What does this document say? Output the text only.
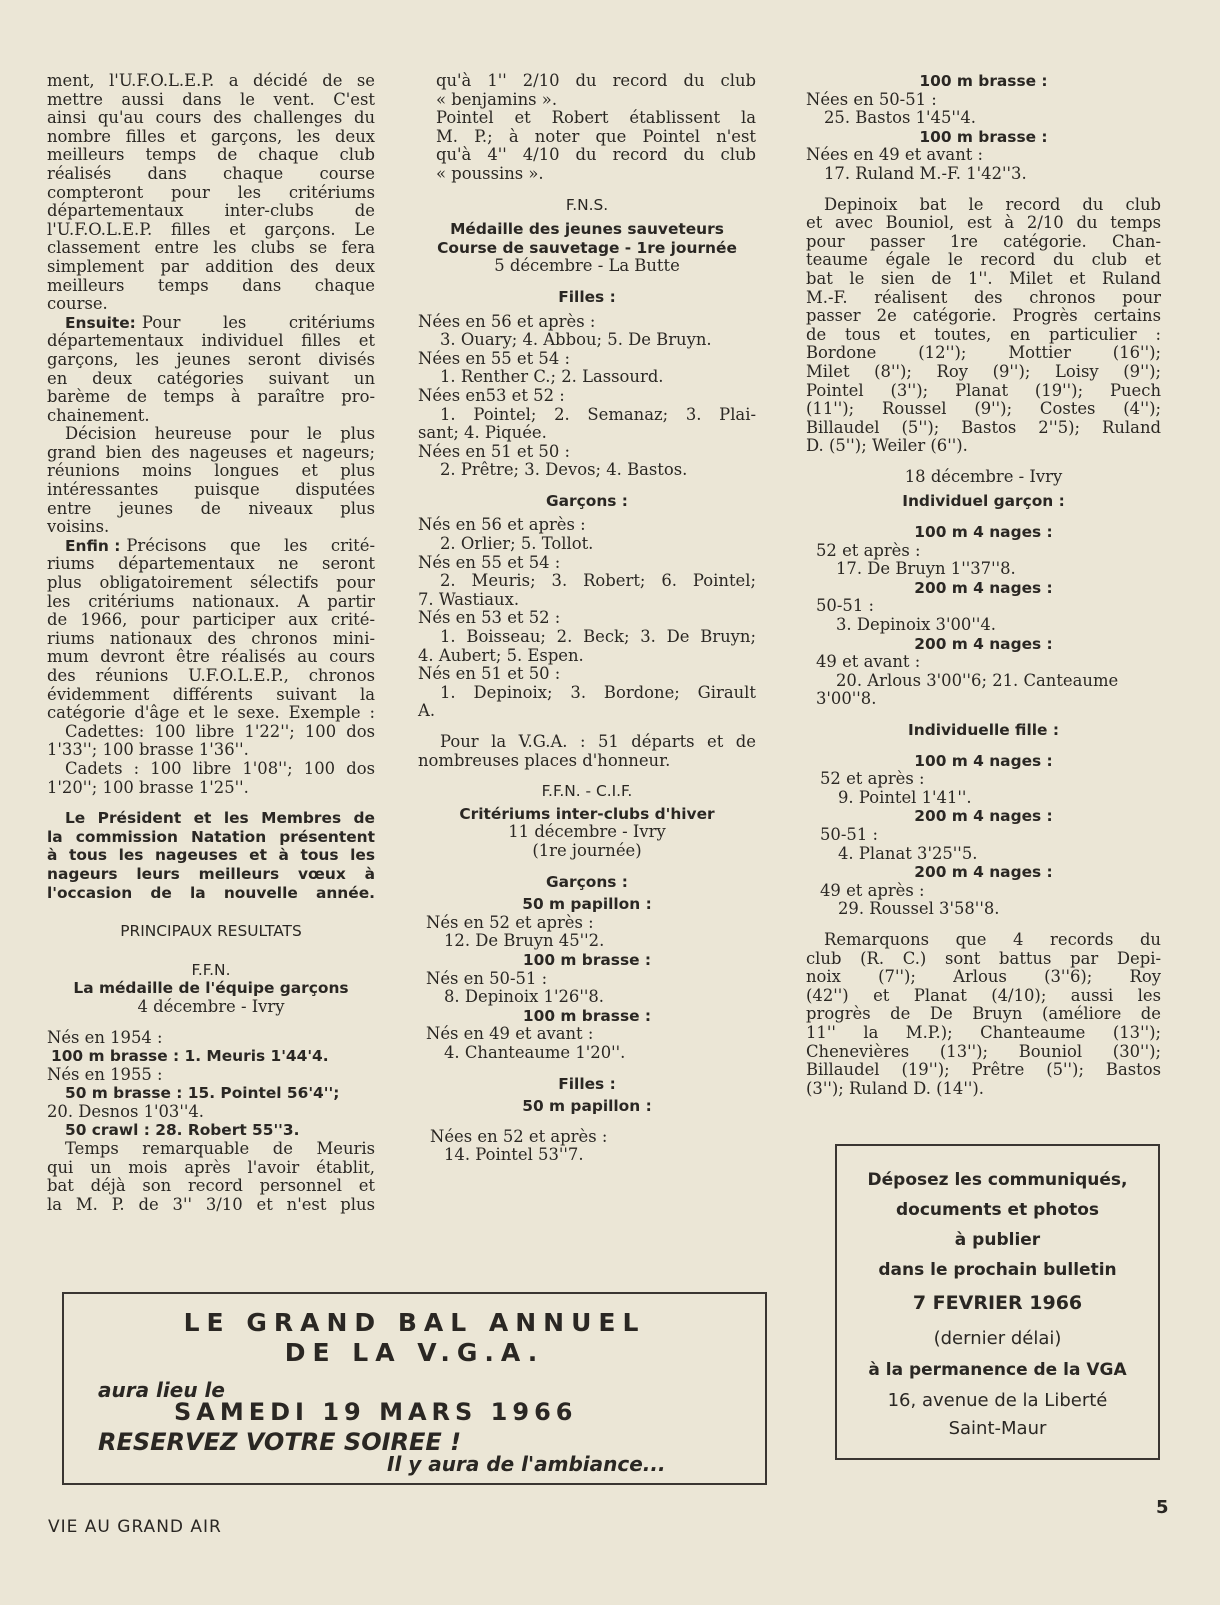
ment, l'U.F.O.L.E.P. a décidé de se
mettre aussi dans le vent. C'est
ainsi qu'au cours des challenges du
nombre filles et garçons, les deux
meilleurs temps de chaque club
réalisés dans chaque course
compteront pour les critériums
départementaux inter-clubs de
l'U.F.O.L.E.P. filles et garçons. Le
classement entre les clubs se fera
simplement par addition des deux
meilleurs temps dans chaque
course.
Ensuite: Pour les critériums
départementaux individuel filles et
garçons, les jeunes seront divisés
en deux catégories suivant un
barème de temps à paraître pro-
chainement.
Décision heureuse pour le plus
grand bien des nageuses et nageurs;
réunions moins longues et plus
intéressantes puisque disputées
entre jeunes de niveaux plus
voisins.
Enfin : Précisons que les crité-
riums départementaux ne seront
plus obligatoirement sélectifs pour
les critériums nationaux. A partir
de 1966, pour participer aux crité-
riums nationaux des chronos mini-
mum devront être réalisés au cours
des réunions U.F.O.L.E.P., chronos
évidemment différents suivant la
catégorie d'âge et le sexe. Exemple :
Cadettes: 100 libre 1'22''; 100 dos
1'33''; 100 brasse 1'36''.
Cadets : 100 libre 1'08''; 100 dos
1'20''; 100 brasse 1'25''.
Le Président et les Membres de
la commission Natation présentent
à tous les nageuses et à tous les
nageurs leurs meilleurs vœux à
l'occasion de la nouvelle année.
PRINCIPAUX RESULTATS
F.F.N.
La médaille de l'équipe garçons
4 décembre - Ivry
Nés en 1954 :
100 m brasse : 1. Meuris 1'44'4.
Nés en 1955 :
50 m brasse : 15. Pointel 56'4'';
20. Desnos 1'03''4.
50 crawl : 28. Robert 55''3.
Temps remarquable de Meuris
qui un mois après l'avoir établit,
bat déjà son record personnel et
la M. P. de 3'' 3/10 et n'est plus
qu'à 1'' 2/10 du record du club
« benjamins ».
Pointel et Robert établissent la
M. P.; à noter que Pointel n'est
qu'à 4'' 4/10 du record du club
« poussins ».
F.N.S.
Médaille des jeunes sauveteurs
Course de sauvetage - 1re journée
5 décembre - La Butte
Filles :
Nées en 56 et après :
3. Ouary; 4. Abbou; 5. De Bruyn.
Nées en 55 et 54 :
1. Renther C.; 2. Lassourd.
Nées en53 et 52 :
1. Pointel; 2. Semanaz; 3. Plai-
sant; 4. Piquée.
Nées en 51 et 50 :
2. Prêtre; 3. Devos; 4. Bastos.
Garçons :
Nés en 56 et après :
2. Orlier; 5. Tollot.
Nés en 55 et 54 :
2. Meuris; 3. Robert; 6. Pointel;
7. Wastiaux.
Nés en 53 et 52 :
1. Boisseau; 2. Beck; 3. De Bruyn;
4. Aubert; 5. Espen.
Nés en 51 et 50 :
1. Depinoix; 3. Bordone; Girault
A.
Pour la V.G.A. : 51 départs et de
nombreuses places d'honneur.
F.F.N. - C.I.F.
Critériums inter-clubs d'hiver
11 décembre - Ivry
(1re journée)
Garçons :
50 m papillon :
Nés en 52 et après :
12. De Bruyn 45''2.
100 m brasse :
Nés en 50-51 :
8. Depinoix 1'26''8.
100 m brasse :
Nés en 49 et avant :
4. Chanteaume 1'20''.
Filles :
50 m papillon :
Nées en 52 et après :
14. Pointel 53''7.
100 m brasse :
Nées en 50-51 :
25. Bastos 1'45''4.
100 m brasse :
Nées en 49 et avant :
17. Ruland M.-F. 1'42''3.
Depinoix bat le record du club
et avec Bouniol, est à 2/10 du temps
pour passer 1re catégorie. Chan-
teaume égale le record du club et
bat le sien de 1''. Milet et Ruland
M.-F. réalisent des chronos pour
passer 2e catégorie. Progrès certains
de tous et toutes, en particulier :
Bordone (12''); Mottier (16'');
Milet (8''); Roy (9''); Loisy (9'');
Pointel (3''); Planat (19''); Puech
(11''); Roussel (9''); Costes (4'');
Billaudel (5''); Bastos 2''5); Ruland
D. (5''); Weiler (6'').
18 décembre - Ivry
Individuel garçon :
100 m 4 nages :
52 et après :
17. De Bruyn 1''37''8.
200 m 4 nages :
50-51 :
3. Depinoix 3'00''4.
200 m 4 nages :
49 et avant :
20. Arlous 3'00''6; 21. Canteaume
3'00''8.
Individuelle fille :
100 m 4 nages :
52 et après :
9. Pointel 1'41''.
200 m 4 nages :
50-51 :
4. Planat 3'25''5.
200 m 4 nages :
49 et après :
29. Roussel 3'58''8.
Remarquons que 4 records du
club (R. C.) sont battus par Depi-
noix (7''); Arlous (3''6); Roy
(42'') et Planat (4/10); aussi les
progrès de De Bruyn (améliore de
11'' la M.P.); Chanteaume (13'');
Chenevières (13''); Bouniol (30'');
Billaudel (19''); Prêtre (5''); Bastos
(3''); Ruland D. (14'').
LE GRAND BAL ANNUEL
DE LA V.G.A.
aura lieu le
SAMEDI 19 MARS 1966
RESERVEZ VOTRE SOIREE !
Il y aura de l'ambiance...
Déposez les communiqués,
documents et photos
à publier
dans le prochain bulletin
7 FEVRIER 1966
(dernier délai)
à la permanence de la VGA
16, avenue de la Liberté
Saint-Maur
VIE AU GRAND AIR
5
